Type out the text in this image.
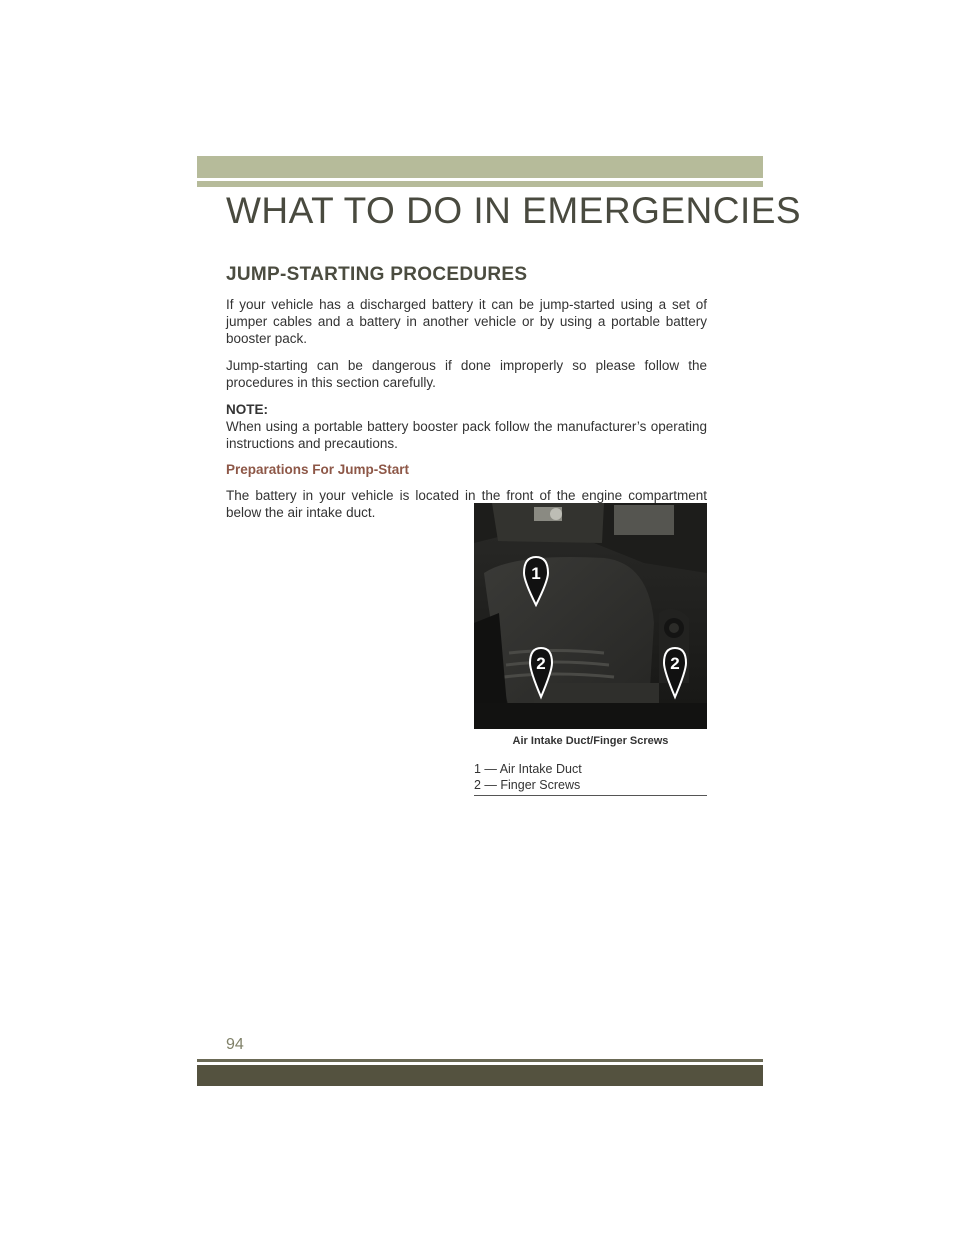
WHAT TO DO IN EMERGENCIES
JUMP-STARTING PROCEDURES

If your vehicle has a discharged battery it can be jump-started using a set of jumper cables and a battery in another vehicle or by using a portable battery booster pack.

Jump-starting can be dangerous if done improperly so please follow the procedures in this section carefully.

NOTE:

When using a portable battery booster pack follow the manufacturer’s operating instructions and precautions.

Preparations For Jump-Start

The battery in your vehicle is located in the front of the engine compartment below the air intake duct.

1
2	2
Air Intake Duct/Finger Screws
1 — Air Intake Duct
2 — Finger Screws
94
